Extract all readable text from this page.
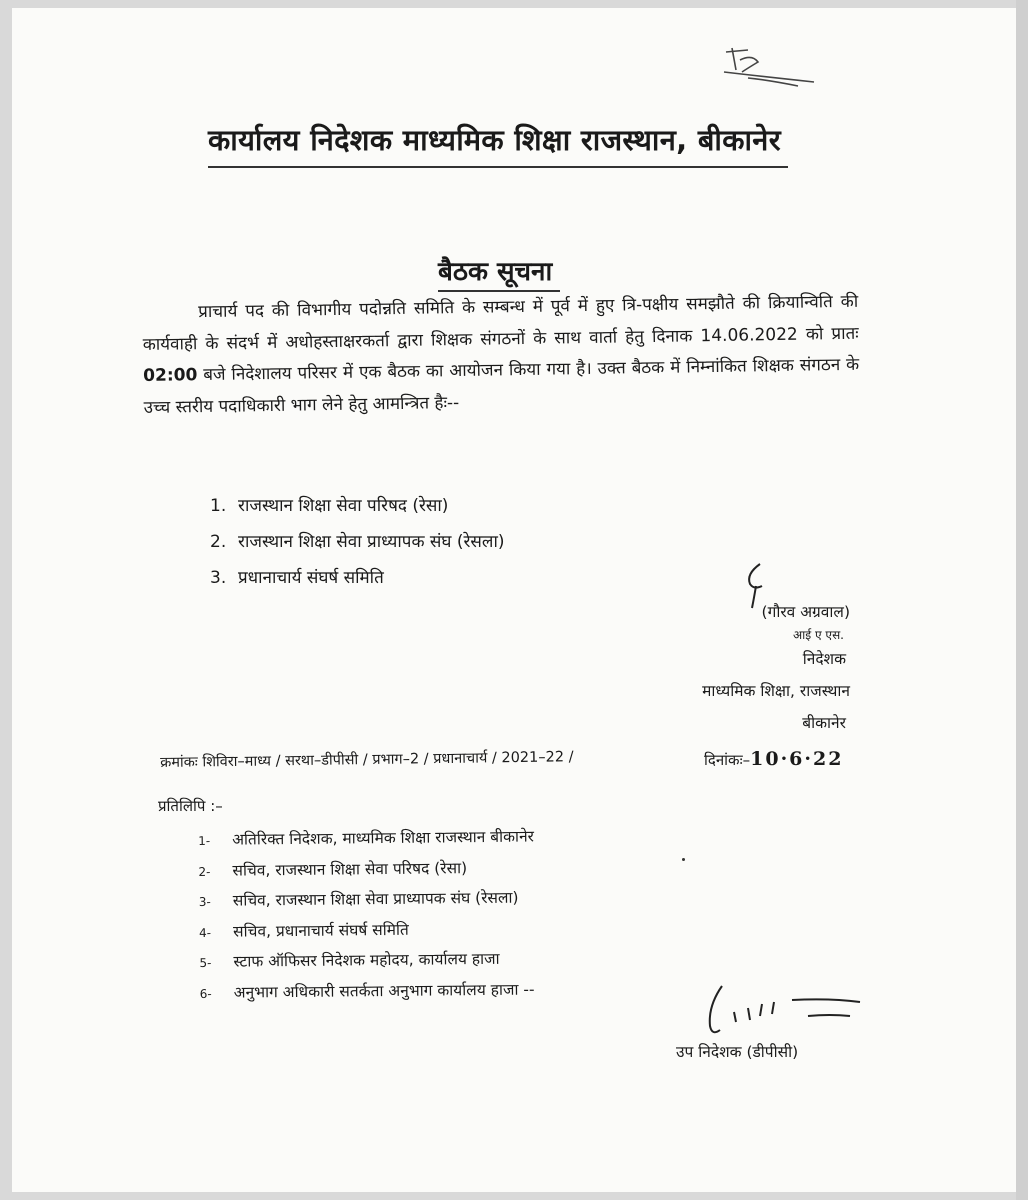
कार्यालय निदेशक माध्यमिक शिक्षा राजस्थान, बीकानेर
बैठक सूचना
प्राचार्य पद की विभागीय पदोन्नति समिति के सम्बन्ध में पूर्व में हुए त्रि-पक्षीय समझौते की क्रियान्विति की कार्यवाही के संदर्भ में अधोहस्ताक्षरकर्ता द्वारा शिक्षक संगठनों के साथ वार्ता हेतु दिनाक 14.06.2022 को प्रातः 02:00 बजे निदेशालय परिसर में एक बैठक का आयोजन किया गया है। उक्त बैठक में निम्नांकित शिक्षक संगठन के उच्च स्तरीय पदाधिकारी भाग लेने हेतु आमन्त्रित हैः--
1. राजस्थान शिक्षा सेवा परिषद (रेसा)
2. राजस्थान शिक्षा सेवा प्राध्यापक संघ (रेसला)
3. प्रधानाचार्य संघर्ष समिति
(गौरव अग्रवाल)
आई ए एस.
निदेशक
माध्यमिक शिक्षा, राजस्थान
बीकानेर
क्रमांकः शिविरा–माध्य / सरथा–डीपीसी / प्रभाग–2 / प्रधानाचार्य / 2021–22 /	दिनांकः–10·6·22
प्रतिलिपि :–
1- अतिरिक्त निदेशक, माध्यमिक शिक्षा राजस्थान बीकानेर
2- सचिव, राजस्थान शिक्षा सेवा परिषद (रेसा)
3- सचिव, राजस्थान शिक्षा सेवा प्राध्यापक संघ (रेसला)
4- सचिव, प्रधानाचार्य संघर्ष समिति
5- स्टाफ ऑफिसर निदेशक महोदय, कार्यालय हाजा
6- अनुभाग अधिकारी सतर्कता अनुभाग कार्यालय हाजा --
उप निदेशक (डीपीसी)
